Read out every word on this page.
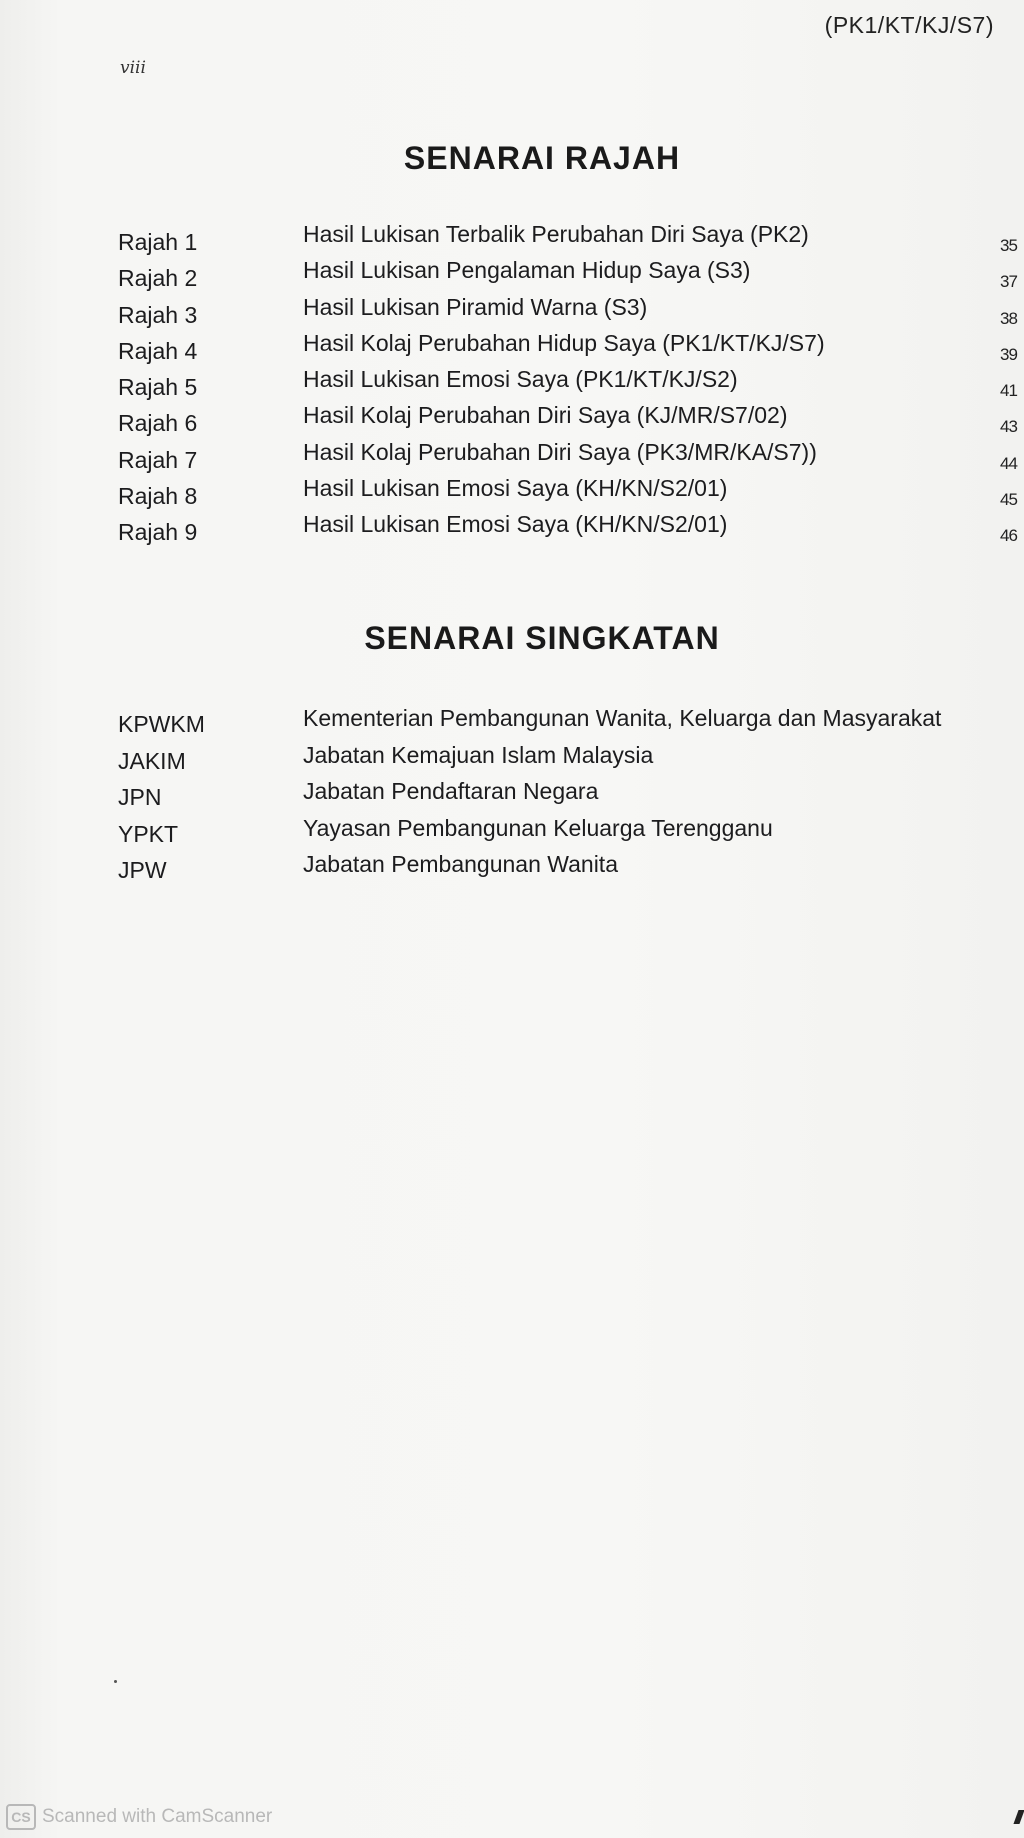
(PK1/KT/KJ/S7)
viii
SENARAI RAJAH
Rajah 1	Hasil Lukisan Terbalik Perubahan Diri Saya (PK2)	35
Rajah 2	Hasil Lukisan Pengalaman Hidup Saya (S3)	37
Rajah 3	Hasil Lukisan Piramid Warna (S3)	38
Rajah 4	Hasil Kolaj Perubahan Hidup Saya (PK1/KT/KJ/S7)	39
Rajah 5	Hasil Lukisan Emosi Saya (PK1/KT/KJ/S2)	41
Rajah 6	Hasil Kolaj Perubahan Diri Saya (KJ/MR/S7/02)	43
Rajah 7	Hasil Kolaj Perubahan Diri Saya (PK3/MR/KA/S7))	44
Rajah 8	Hasil Lukisan Emosi Saya (KH/KN/S2/01)	45
Rajah 9	Hasil Lukisan Emosi Saya (KH/KN/S2/01)	46
SENARAI SINGKATAN
KPWKM	Kementerian Pembangunan Wanita, Keluarga dan Masyarakat
JAKIM	Jabatan Kemajuan Islam Malaysia
JPN	Jabatan Pendaftaran Negara
YPKT	Yayasan Pembangunan Keluarga Terengganu
JPW	Jabatan Pembangunan Wanita
CS Scanned with CamScanner
